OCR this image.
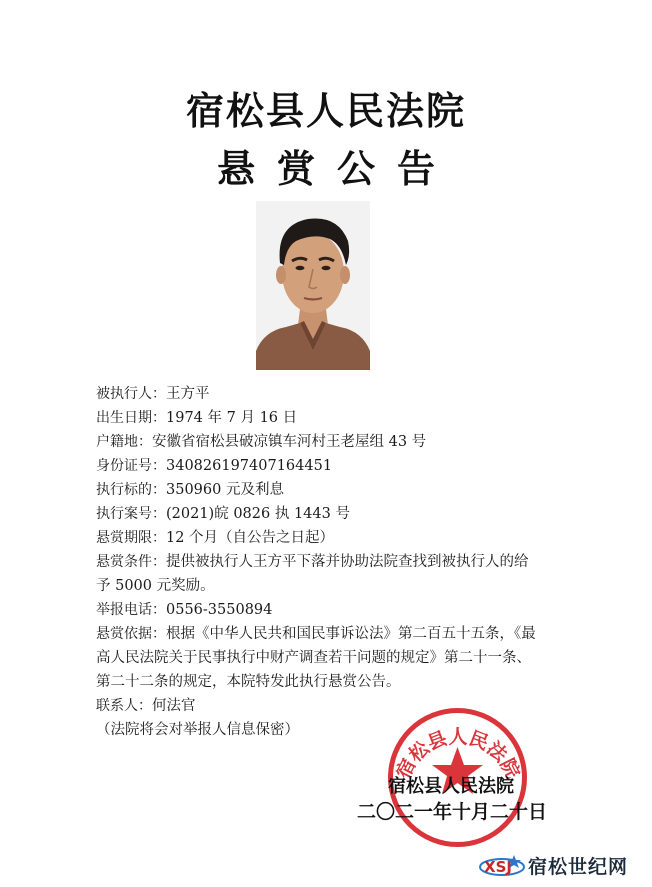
宿松县人民法院
悬赏公告
被执行人：王方平
出生日期：1974 年 7 月 16 日
户籍地：安徽省宿松县破凉镇车河村王老屋组 43 号
身份证号：340826197407164451
执行标的：350960 元及利息
执行案号：(2021)皖 0826 执 1443 号
悬赏期限：12 个月（自公告之日起）
悬赏条件：提供被执行人王方平下落并协助法院查找到被执行人的给
予 5000 元奖励。
举报电话：0556-3550894
悬赏依据：根据《中华人民共和国民事诉讼法》第二百五十五条，《最
高人民法院关于民事执行中财产调查若干问题的规定》第二十一条、
第二十二条的规定，本院特发此执行悬赏公告。
联系人：何法官
（法院将会对举报人信息保密）
宿松县人民法院
宿松县人民法院
二〇二一年十月二十日
XSJ 宿松世纪网
